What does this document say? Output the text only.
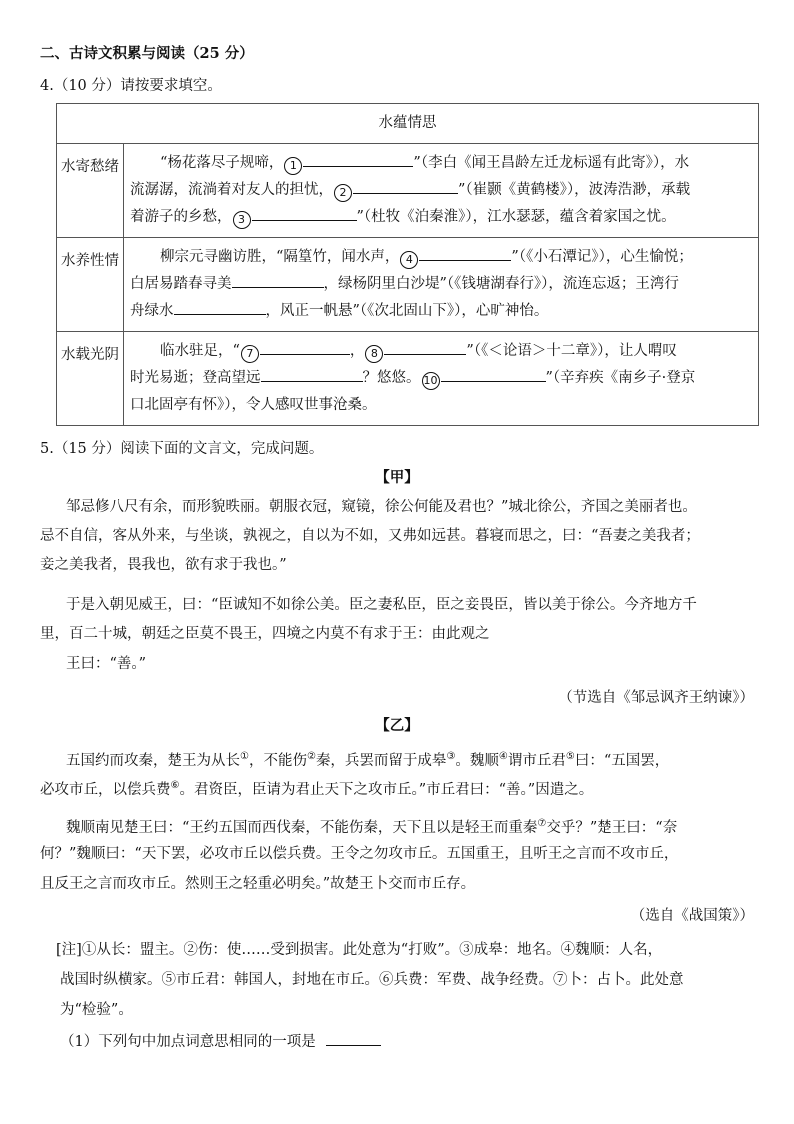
二、古诗文积累与阅读（25 分）
4.（10 分）请按要求填空。
水蕴情思	
水寄愁绪	“杨花落尽子规啼， 1 ”（李白《闻王昌龄左迁龙标遥有此寄》），水
流潺潺，流淌着对友人的担忧， 2 ”（崔颢《黄鹤楼》），波涛浩渺，承载
着游子的乡愁， 3 ”（杜牧《泊秦淮》），江水瑟瑟，蕴含着家国之忧。
水养性情	柳宗元寻幽访胜，“隔篁竹，闻水声， 4 ”（《小石潭记》），心生愉悦；
白居易踏春寻美 ，绿杨阴里白沙堤”（《钱塘湖春行》），流连忘返；王湾行
舟绿水 ，风正一帆悬”（《次北固山下》），心旷神怡。
水载光阴	临水驻足，“ 7 ， 8 ”（《＜论语＞十二章》），让人喟叹
时光易逝；登高望远 ？悠悠。 10 ”（辛弃疾《南乡子·登京
口北固亭有怀》），令人感叹世事沧桑。
5.（15 分）阅读下面的文言文，完成问题。
【甲】
邹忌修八尺有余，而形貌昳丽。朝服衣冠，窥镜，徐公何能及君也？”城北徐公，齐国之美丽者也。
忌不自信，客从外来，与坐谈，孰视之，自以为不如，又弗如远甚。暮寝而思之，曰：“吾妻之美我者；
妾之美我者，畏我也，欲有求于我也。”
于是入朝见威王，曰：“臣诚知不如徐公美。臣之妻私臣，臣之妾畏臣，皆以美于徐公。今齐地方千
里，百二十城，朝廷之臣莫不畏王，四境之内莫不有求于王：由此观之
王曰：“善。”
（节选自《邹忌讽齐王纳谏》）
【乙】
五国约而攻秦，楚王为从长①，不能伤②秦，兵罢而留于成皋③。魏顺④谓市丘君⑤曰：“五国罢，
必攻市丘，以偿兵费⑥。君资臣，臣请为君止天下之攻市丘。”市丘君曰：“善。”因遣之。
魏顺南见楚王曰：“王约五国而西伐秦，不能伤秦，天下且以是轻王而重秦⑦交乎？”楚王曰：“奈
何？”魏顺曰：“天下罢，必攻市丘以偿兵费。王令之勿攻市丘。五国重王，且听王之言而不攻市丘，
且反王之言而攻市丘。然则王之轻重必明矣。”故楚王卜交而市丘存。
（选自《战国策》）
[注]①从长：盟主。②伤：使……受到损害。此处意为“打败”。③成皋：地名。④魏顺：人名，
战国时纵横家。⑤市丘君：韩国人，封地在市丘。⑥兵费：军费、战争经费。⑦卜：占卜。此处意
为“检验”。
（1）下列句中加点词意思相同的一项是
